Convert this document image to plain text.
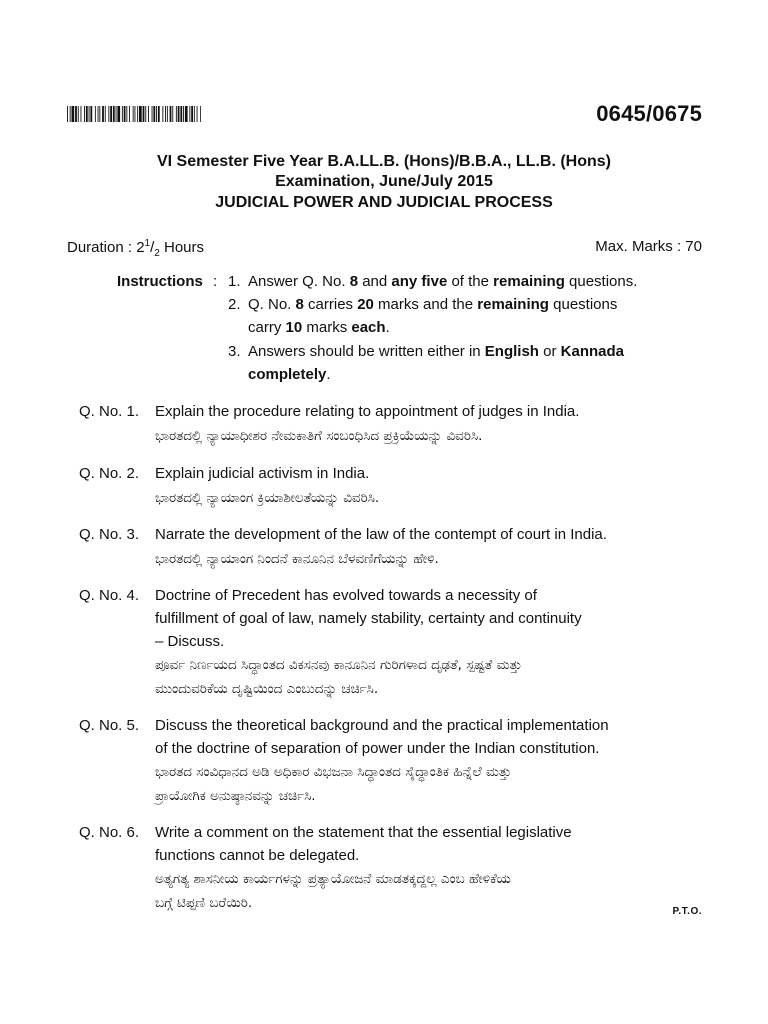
0645/0675
VI Semester Five Year B.A.LL.B. (Hons)/B.B.A., LL.B. (Hons)
Examination, June/July 2015
JUDICIAL POWER AND JUDICIAL PROCESS
Duration : $2^1/_2$ Hours	Max. Marks : 70
Instructions : 1. Answer Q. No. 8 and any five of the remaining questions.
2. Q. No. 8 carries 20 marks and the remaining questions
carry 10 marks each.
3. Answers should be written either in English or Kannada
completely.
Q. No. 1. Explain the procedure relating to appointment of judges in India.
ಭಾರತದಲ್ಲಿ ನ್ಯಾಯಾಧೀಶರ ನೇಮಕಾತಿಗೆ ಸಂಬಂಧಿಸಿದ ಪ್ರಕ್ರಿಯೆಯನ್ನು ವಿವರಿಸಿ.
Q. No. 2. Explain judicial activism in India.
ಭಾರತದಲ್ಲಿ ನ್ಯಾಯಾಂಗ ಕ್ರಿಯಾಶೀಲತೆಯನ್ನು ವಿವರಿಸಿ.
Q. No. 3. Narrate the development of the law of the contempt of court in India.
ಭಾರತದಲ್ಲಿ ನ್ಯಾಯಾಂಗ ನಿಂದನೆ ಕಾನೂನಿನ ಬೆಳವಣಿಗೆಯನ್ನು ಹೇಳಿ.
Q. No. 4. Doctrine of Precedent has evolved towards a necessity of
fulfillment of goal of law, namely stability, certainty and continuity
– Discuss.
ಪೂರ್ವ ನಿರ್ಣಯದ ಸಿದ್ಧಾಂತದ ವಿಕಸನವು ಕಾನೂನಿನ ಗುರಿಗಳಾದ ದೃಢತೆ, ಸ್ಪಷ್ಟತೆ ಮತ್ತು
ಮುಂದುವರಿಕೆಯ ದೃಷ್ಟಿಯಿಂದ ಎಂಬುದನ್ನು ಚರ್ಚಿಸಿ.
Q. No. 5. Discuss the theoretical background and the practical implementation
of the doctrine of separation of power under the Indian constitution.
ಭಾರತದ ಸಂವಿಧಾನದ ಅಡಿ ಅಧಿಕಾರ ವಿಭಜನಾ ಸಿದ್ಧಾಂತದ ಸೈದ್ಧಾಂತಿಕ ಹಿನ್ನೆಲೆ ಮತ್ತು
ಪ್ರಾಯೋಗಿಕ ಅನುಷ್ಠಾನವನ್ನು ಚರ್ಚಿಸಿ.
Q. No. 6. Write a comment on the statement that the essential legislative
functions cannot be delegated.
ಅತ್ಯಗತ್ಯ ಶಾಸನೀಯ ಕಾರ್ಯಗಳನ್ನು ಪ್ರತ್ಯಾಯೋಜನೆ ಮಾಡತಕ್ಕದ್ದಲ್ಲ ಎಂಬ ಹೇಳಿಕೆಯ
ಬಗ್ಗೆ ಟಿಪ್ಪಣಿ ಬರೆಯಿರಿ.
P.T.O.
